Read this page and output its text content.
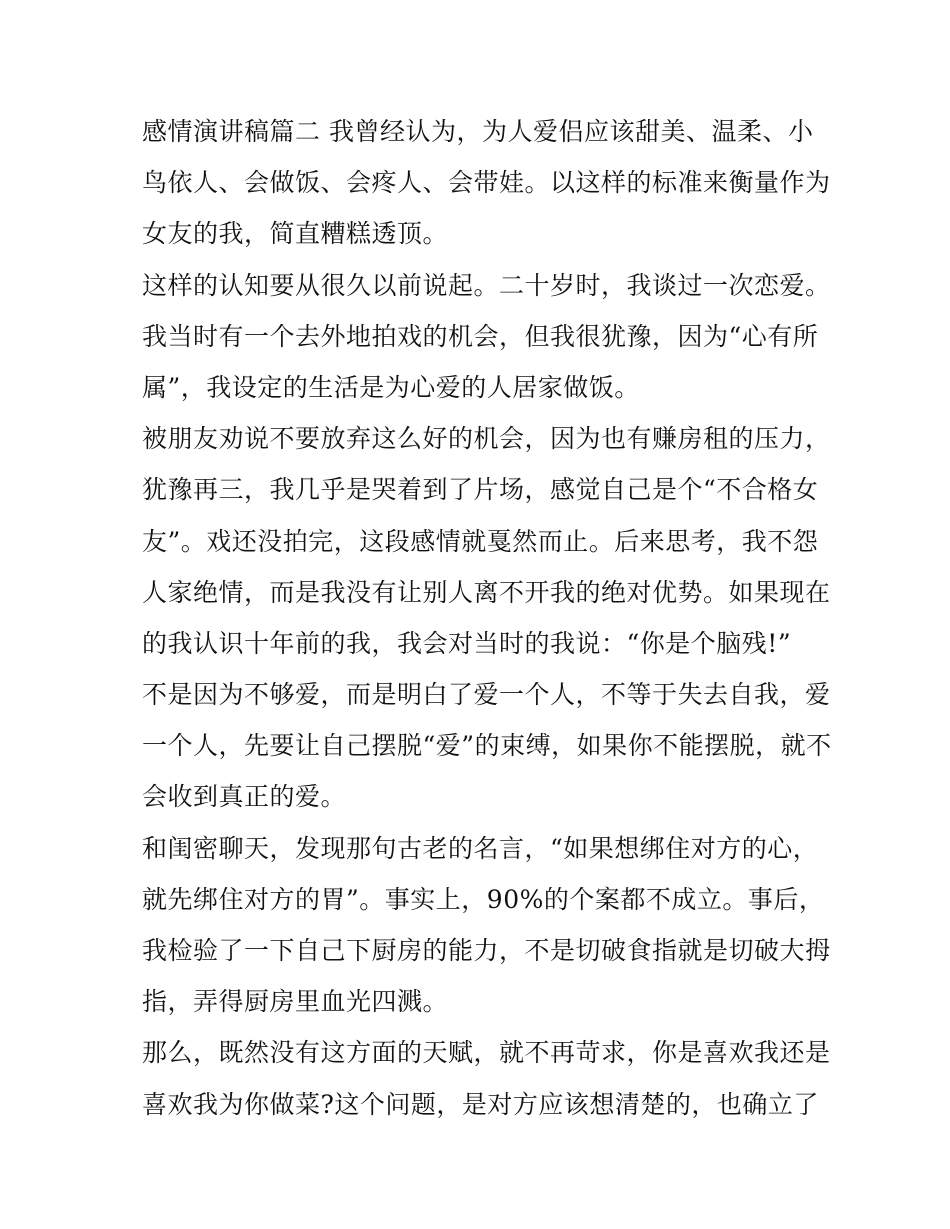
感情演讲稿篇二 我曾经认为，为人爱侣应该甜美、温柔、小
鸟依人、会做饭、会疼人、会带娃。以这样的标准来衡量作为
女友的我，简直糟糕透顶。
这样的认知要从很久以前说起。二十岁时，我谈过一次恋爱。
我当时有一个去外地拍戏的机会，但我很犹豫，因为“心有所
属”，我设定的生活是为心爱的人居家做饭。
被朋友劝说不要放弃这么好的机会，因为也有赚房租的压力，
犹豫再三，我几乎是哭着到了片场，感觉自己是个“不合格女
友”。戏还没拍完，这段感情就戛然而止。后来思考，我不怨
人家绝情，而是我没有让别人离不开我的绝对优势。如果现在
的我认识十年前的我，我会对当时的我说：“你是个脑残!”
不是因为不够爱，而是明白了爱一个人，不等于失去自我，爱
一个人，先要让自己摆脱“爱”的束缚，如果你不能摆脱，就不
会收到真正的爱。
和闺密聊天，发现那句古老的名言，“如果想绑住对方的心，
就先绑住对方的胃”。事实上，90%的个案都不成立。事后，
我检验了一下自己下厨房的能力，不是切破食指就是切破大拇
指，弄得厨房里血光四溅。
那么，既然没有这方面的天赋，就不再苛求，你是喜欢我还是
喜欢我为你做菜?这个问题，是对方应该想清楚的，也确立了
